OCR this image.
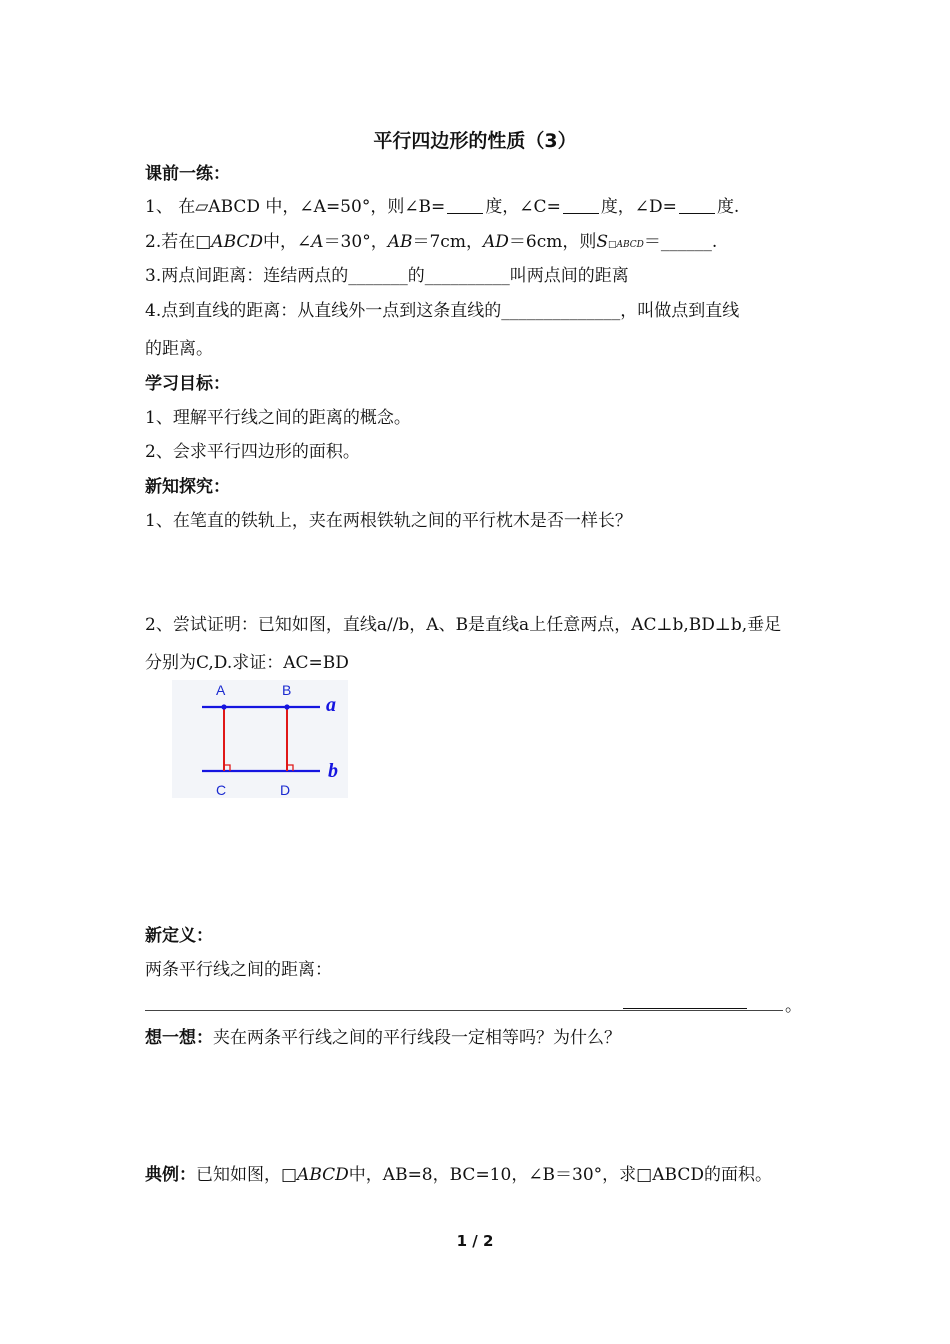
平行四边形的性质（3）
课前一练：
1、 在▱ABCD 中，∠A=50°，则∠B= 度，∠C= 度，∠D= 度.
2.若在□ABCD中，∠A＝30°，AB＝7cm，AD＝6cm，则S□ABCD＝______.
3.两点间距离：连结两点的_______的__________叫两点间的距离
4.点到直线的距离：从直线外一点到这条直线的______________，叫做点到直线
的距离。
学习目标：
1、理解平行线之间的距离的概念。
2、会求平行四边形的面积。
新知探究：
1、在笔直的铁轨上，夹在两根铁轨之间的平行枕木是否一样长？
2、尝试证明：已知如图，直线a//b，A、B是直线a上任意两点，AC⊥b,BD⊥b,垂足
分别为C,D.求证：AC=BD
A	B
C	D
a
b
新定义：
两条平行线之间的距离：
。
想一想：夹在两条平行线之间的平行线段一定相等吗？为什么？
典例：已知如图，□ABCD中，AB=8，BC=10，∠B＝30°，求□ABCD的面积。
1 / 2
